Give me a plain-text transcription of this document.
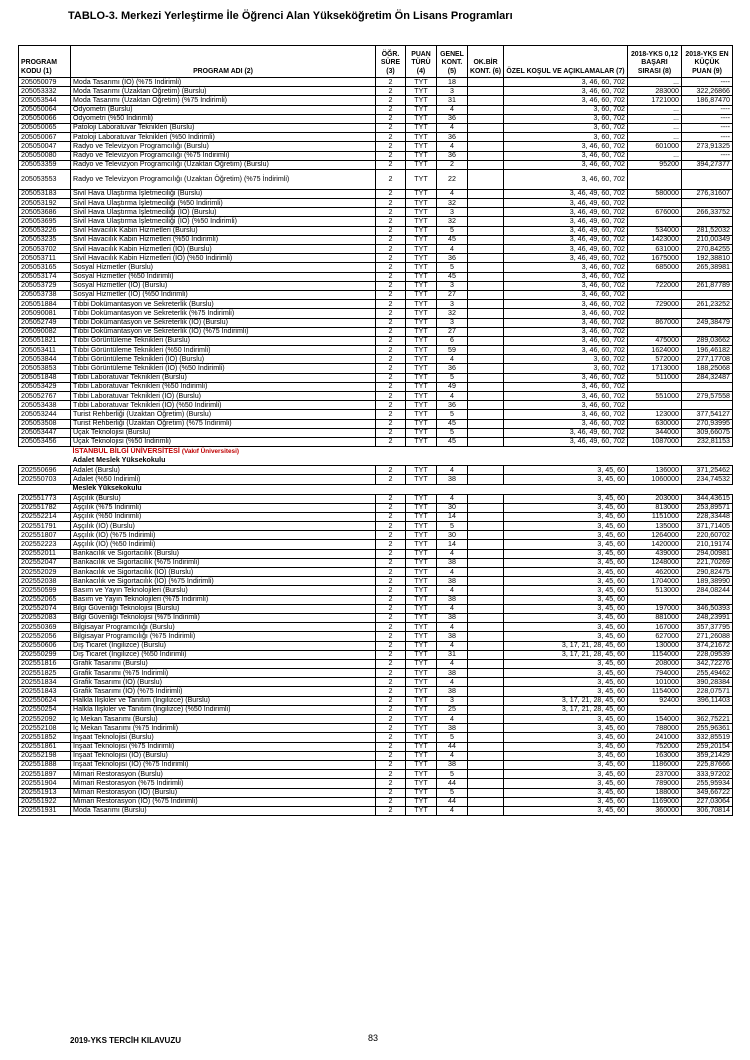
TABLO-3. Merkezi Yerleştirme İle Öğrenci Alan Yükseköğretim Ön Lisans Programları
PROGRAM KODU (1)	PROGRAM ADI (2)	ÖĞR. SÜRE (3)	PUAN TÜRÜ (4)	GENEL KONT. (5)	OK.BİR KONT. (6)	ÖZEL KOŞUL VE AÇIKLAMALAR (7)	2018-YKS 0,12 BAŞARI SIRASI (8)	2018-YKS EN KÜÇÜK PUAN (9)
205050079	Moda Tasarımı (İÖ) (%75 İndirimli)	2	TYT	18		3, 46, 60, 702	...	----
205053332	Moda Tasarımı (Uzaktan Öğretim) (Burslu)	2	TYT	3		3, 46, 60, 702	283000	322,26866
205053544	Moda Tasarımı (Uzaktan Öğretim) (%75 İndirimli)	2	TYT	31		3, 46, 60, 702	1721000	186,87470
205050064	Odyometri (Burslu)	2	TYT	4		3, 60, 702	...	----
205050066	Odyometri (%50 İndirimli)	2	TYT	36		3, 60, 702	...	----
205050065	Patoloji Laboratuvar Teknikleri (Burslu)	2	TYT	4		3, 60, 702	...	----
205050067	Patoloji Laboratuvar Teknikleri (%50 İndirimli)	2	TYT	36		3, 60, 702	...	----
205050047	Radyo ve Televizyon Programcılığı (Burslu)	2	TYT	4		3, 46, 60, 702	601000	273,91325
205050080	Radyo ve Televizyon Programcılığı (%75 İndirimli)	2	TYT	36		3, 46, 60, 702	...	----
205053359	Radyo ve Televizyon Programcılığı (Uzaktan Öğretim) (Burslu)	2	TYT	2		3, 46, 60, 702	95200	394,27377
205053553	Radyo ve Televizyon Programcılığı (Uzaktan Öğretim) (%75 İndirimli)	2	TYT	22		3, 46, 60, 702		
205053183	Sivil Hava Ulaştırma İşletmeciliği (Burslu)	2	TYT	4		3, 46, 49, 60, 702	580000	276,31607
205053192	Sivil Hava Ulaştırma İşletmeciliği (%50 İndirimli)	2	TYT	32		3, 46, 49, 60, 702		
205053686	Sivil Hava Ulaştırma İşletmeciliği (İÖ) (Burslu)	2	TYT	3		3, 46, 49, 60, 702	676000	266,33752
205053695	Sivil Hava Ulaştırma İşletmeciliği (İÖ) (%50 İndirimli)	2	TYT	32		3, 46, 49, 60, 702		
205053226	Sivil Havacılık Kabin Hizmetleri (Burslu)	2	TYT	5		3, 46, 49, 60, 702	534000	281,52032
205053235	Sivil Havacılık Kabin Hizmetleri (%50 İndirimli)	2	TYT	45		3, 46, 49, 60, 702	1423000	210,00349
205053702	Sivil Havacılık Kabin Hizmetleri (İÖ) (Burslu)	2	TYT	4		3, 46, 49, 60, 702	631000	270,84255
205053711	Sivil Havacılık Kabin Hizmetleri (İÖ) (%50 İndirimli)	2	TYT	36		3, 46, 49, 60, 702	1675000	192,38810
205053165	Sosyal Hizmetler (Burslu)	2	TYT	5		3, 46, 60, 702	685000	265,38981
205053174	Sosyal Hizmetler (%50 İndirimli)	2	TYT	45		3, 46, 60, 702		
205053729	Sosyal Hizmetler (İÖ) (Burslu)	2	TYT	3		3, 46, 60, 702	722000	261,87789
205053738	Sosyal Hizmetler (İÖ) (%50 İndirimli)	2	TYT	27		3, 46, 60, 702		
205051884	Tıbbi Dokümantasyon ve Sekreterlik (Burslu)	2	TYT	3		3, 46, 60, 702	729000	261,23252
205090081	Tıbbi Dokümantasyon ve Sekreterlik (%75 İndirimli)	2	TYT	32		3, 46, 60, 702		
205052749	Tıbbi Dokümantasyon ve Sekreterlik (İÖ) (Burslu)	2	TYT	3		3, 46, 60, 702	867000	249,38479
205090082	Tıbbi Dokümantasyon ve Sekreterlik (İÖ) (%75 İndirimli)	2	TYT	27		3, 46, 60, 702		
205051821	Tıbbi Görüntüleme Teknikleri (Burslu)	2	TYT	6		3, 46, 60, 702	475000	289,03662
205053411	Tıbbi Görüntüleme Teknikleri (%50 İndirimli)	2	TYT	59		3, 46, 60, 702	1624000	196,46182
205053844	Tıbbi Görüntüleme Teknikleri (İÖ) (Burslu)	2	TYT	4		3, 60, 702	572000	277,17708
205053853	Tıbbi Görüntüleme Teknikleri (İÖ) (%50 İndirimli)	2	TYT	36		3, 60, 702	1713000	188,25068
205051848	Tıbbi Laboratuvar Teknikleri (Burslu)	2	TYT	5		3, 46, 60, 702	511000	284,32487
205053429	Tıbbi Laboratuvar Teknikleri (%50 İndirimli)	2	TYT	49		3, 46, 60, 702		
205052767	Tıbbi Laboratuvar Teknikleri (İÖ) (Burslu)	2	TYT	4		3, 46, 60, 702	551000	279,57558
205053438	Tıbbi Laboratuvar Teknikleri (İÖ) (%50 İndirimli)	2	TYT	36		3, 46, 60, 702		
205053244	Turist Rehberliği (Uzaktan Öğretim) (Burslu)	2	TYT	5		3, 46, 60, 702	123000	377,54127
205053508	Turist Rehberliği (Uzaktan Öğretim) (%75 İndirimli)	2	TYT	45		3, 46, 60, 702	630000	270,93995
205053447	Uçak Teknolojisi (Burslu)	2	TYT	5		3, 46, 49, 60, 702	344000	309,66075
205053456	Uçak Teknolojisi (%50 İndirimli)	2	TYT	45		3, 46, 49, 60, 702	1087000	232,81153
	İSTANBUL BİLGİ ÜNİVERSİTESİ (Vakıf Üniversitesi)							
	Adalet Meslek Yüksekokulu							
202550696	Adalet (Burslu)	2	TYT	4		3, 45, 60	136000	371,25462
202550703	Adalet (%50 İndirimli)	2	TYT	38		3, 45, 60	1060000	234,74532
	Meslek Yüksekokulu							
202551773	Aşçılık (Burslu)	2	TYT	4		3, 45, 60	203000	344,43615
202551782	Aşçılık (%75 İndirimli)	2	TYT	30		3, 45, 60	813000	253,89571
202552214	Aşçılık (%50 İndirimli)	2	TYT	14		3, 45, 60	1151000	228,33448
202551791	Aşçılık (İÖ) (Burslu)	2	TYT	5		3, 45, 60	135000	371,71405
202551807	Aşçılık (İÖ) (%75 İndirimli)	2	TYT	30		3, 45, 60	1264000	220,60702
202552223	Aşçılık (İÖ) (%50 İndirimli)	2	TYT	14		3, 45, 60	1420000	210,19174
202552011	Bankacılık ve Sigortacılık (Burslu)	2	TYT	4		3, 45, 60	439000	294,00981
202552047	Bankacılık ve Sigortacılık (%75 İndirimli)	2	TYT	38		3, 45, 60	1248000	221,70269
202552029	Bankacılık ve Sigortacılık (İÖ) (Burslu)	2	TYT	4		3, 45, 60	462000	290,82475
202552038	Bankacılık ve Sigortacılık (İÖ) (%75 İndirimli)	2	TYT	38		3, 45, 60	1704000	189,38990
202550599	Basım ve Yayın Teknolojileri (Burslu)	2	TYT	4		3, 45, 60	513000	284,08244
202552065	Basım ve Yayın Teknolojileri (%75 İndirimli)	2	TYT	38		3, 45, 60		
202552074	Bilgi Güvenliği Teknolojisi (Burslu)	2	TYT	4		3, 45, 60	197000	346,50393
202552083	Bilgi Güvenliği Teknolojisi (%75 İndirimli)	2	TYT	38		3, 45, 60	881000	248,23991
202550369	Bilgisayar Programcılığı (Burslu)	2	TYT	4		3, 45, 60	167000	357,37795
202552056	Bilgisayar Programcılığı (%75 İndirimli)	2	TYT	38		3, 45, 60	627000	271,26088
202550606	Dış Ticaret (İngilizce) (Burslu)	2	TYT	4		3, 17, 21, 28, 45, 60	130000	374,21672
202550299	Dış Ticaret (İngilizce) (%50 İndirimli)	2	TYT	31		3, 17, 21, 28, 45, 60	1154000	228,09539
202551816	Grafik Tasarımı (Burslu)	2	TYT	4		3, 45, 60	208000	342,72276
202551825	Grafik Tasarımı (%75 İndirimli)	2	TYT	38		3, 45, 60	794000	255,49462
202551834	Grafik Tasarımı (İÖ) (Burslu)	2	TYT	4		3, 45, 60	101000	390,28384
202551843	Grafik Tasarımı (İÖ) (%75 İndirimli)	2	TYT	38		3, 45, 60	1154000	228,07571
202550624	Halkla İlişkiler ve Tanıtım (İngilizce) (Burslu)	2	TYT	3		3, 17, 21, 28, 45, 60	92400	396,11403
202550254	Halkla İlişkiler ve Tanıtım (İngilizce) (%50 İndirimli)	2	TYT	25		3, 17, 21, 28, 45, 60		
202552092	İç Mekan Tasarımı (Burslu)	2	TYT	4		3, 45, 60	154000	362,75221
202552108	İç Mekan Tasarımı (%75 İndirimli)	2	TYT	38		3, 45, 60	788000	255,96361
202551852	İnşaat Teknolojisi (Burslu)	2	TYT	5		3, 45, 60	241000	332,85519
202551861	İnşaat Teknolojisi (%75 İndirimli)	2	TYT	44		3, 45, 60	752000	259,20154
202552198	İnşaat Teknolojisi (İÖ) (Burslu)	2	TYT	4		3, 45, 60	163000	359,21429
202551888	İnşaat Teknolojisi (İÖ) (%75 İndirimli)	2	TYT	38		3, 45, 60	1186000	225,87666
202551897	Mimari Restorasyon (Burslu)	2	TYT	5		3, 45, 60	237000	333,97202
202551904	Mimari Restorasyon (%75 İndirimli)	2	TYT	44		3, 45, 60	789000	255,95934
202551913	Mimari Restorasyon (İÖ) (Burslu)	2	TYT	5		3, 45, 60	188000	349,66722
202551922	Mimari Restorasyon (İÖ) (%75 İndirimli)	2	TYT	44		3, 45, 60	1169000	227,03064
202551931	Moda Tasarımı (Burslu)	2	TYT	4		3, 45, 60	360000	306,70814
2019-YKS TERCİH KILAVUZU	83
